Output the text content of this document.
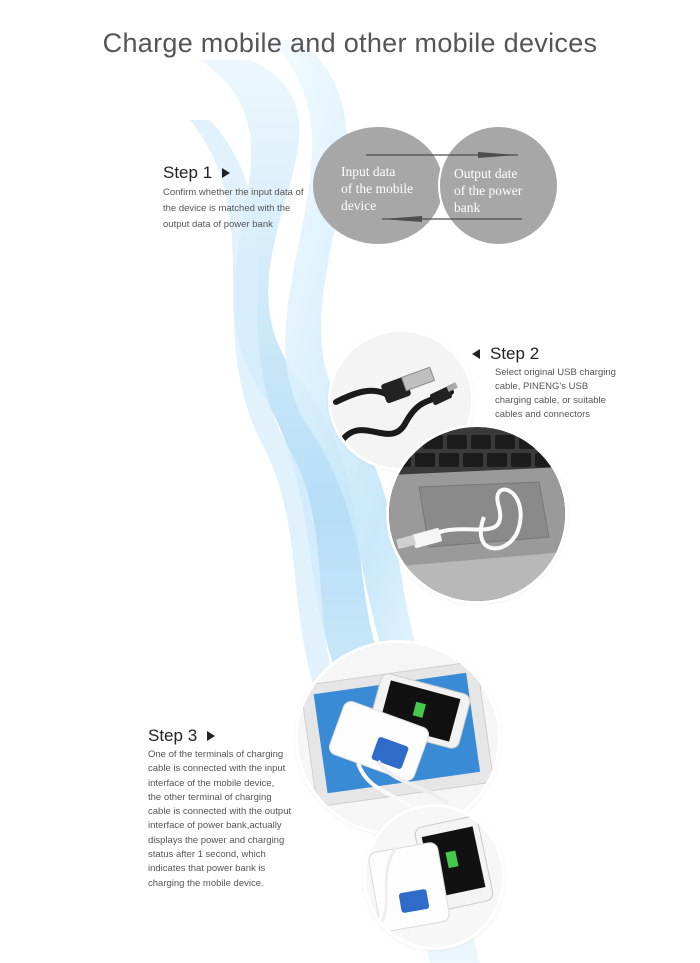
Charge mobile and other mobile devices
Step 1
Confirm whether the input data of
the device is matched with the
output data of power bank
Input data
of the mobile
device
Output date
of the power
bank
Step 2
Select original USB charging
cable, PINENG's USB
charging cable, or suitable
cables and connectors
Step 3
One of the terminals of charging
cable is connected with the input
interface of the mobile device,
the other terminal of charging
cable is connected with the output
interface of power bank,actually
displays the power and charging
status after 1 second, which
indicates that power bank is
charging the mobile device.
